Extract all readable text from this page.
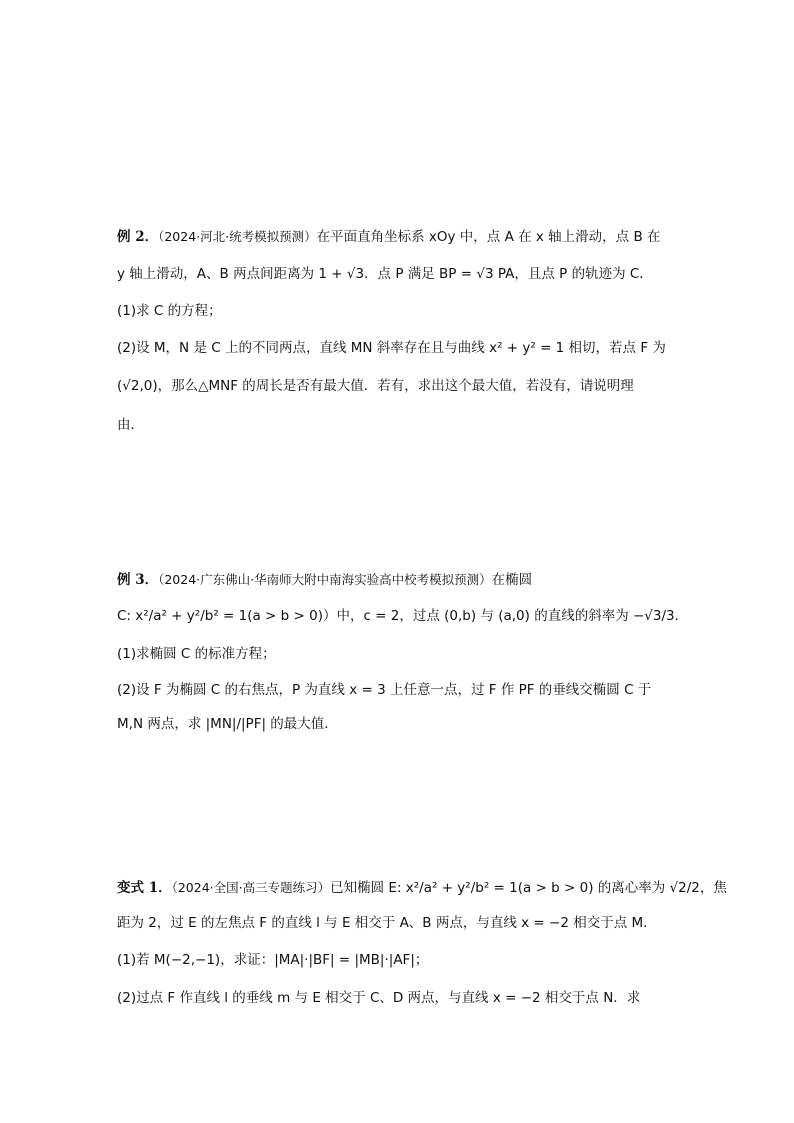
例 2．（2024·河北·统考模拟预测）在平面直角坐标系 xOy 中，点 A 在 x 轴上滑动，点 B 在
y 轴上滑动，A、B 两点间距离为 1 + √3．点 P 满足 BP = √3 PA，且点 P 的轨迹为 C．
(1)求 C 的方程；
(2)设 M，N 是 C 上的不同两点，直线 MN 斜率存在且与曲线 x² + y² = 1 相切，若点 F 为
(√2,0)，那么△MNF 的周长是否有最大值．若有，求出这个最大值，若没有，请说明理
由．
例 3．（2024·广东佛山·华南师大附中南海实验高中校考模拟预测）在椭圆
C: x²/a² + y²/b² = 1(a > b > 0)）中，c = 2，过点 (0,b) 与 (a,0) 的直线的斜率为 −√3/3．
(1)求椭圆 C 的标准方程；
(2)设 F 为椭圆 C 的右焦点，P 为直线 x = 3 上任意一点，过 F 作 PF 的垂线交椭圆 C 于
M,N 两点，求 |MN|/|PF| 的最大值．
变式 1．（2024·全国·高三专题练习）已知椭圆 E: x²/a² + y²/b² = 1(a > b > 0) 的离心率为 √2/2，焦
距为 2，过 E 的左焦点 F 的直线 l 与 E 相交于 A、B 两点，与直线 x = −2 相交于点 M．
(1)若 M(−2,−1)，求证：|MA|·|BF| = |MB|·|AF|；
(2)过点 F 作直线 l 的垂线 m 与 E 相交于 C、D 两点，与直线 x = −2 相交于点 N．求
